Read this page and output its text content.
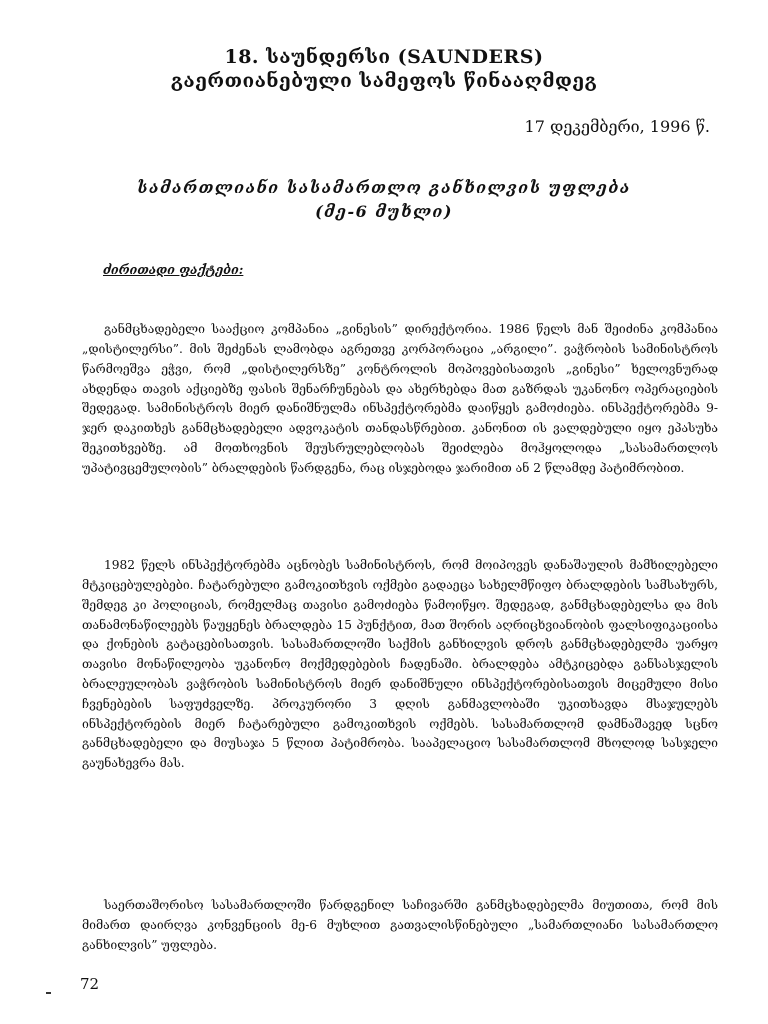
18. საუნდერსი (SAUNDERS)
გაერთიანებული სამეფოს წინააღმდეგ
17 დეკემბერი, 1996 წ.
სამართლიანი სასამართლო განხილვის უფლება
(მე-6 მუხლი)
ძირითადი ფაქტები:

განმცხადებელი სააქციო კომპანია „გინესის” დირექტორია. 1986 წელს მან შეიძინა კომპანია „დისტილერსი”. მის შეძენას ლამობდა აგრეთვე კორპორაცია „არგილი”. ვაჭრობის სამინისტროს წარმოეშვა ეჭვი, რომ „დისტილერსზე” კონტროლის მოპოვებისათვის „გინესი” ხელოვნურად ახდენდა თავის აქციებზე ფასის შენარჩუნებას და ახერხებდა მათ გაზრდას უკანონო ოპერაციების შედეგად. სამინისტროს მიერ დანიშნულმა ინსპექტორებმა დაიწყეს გამოძიება. ინსპექტორებმა 9-ჯერ დაკითხეს განმცხადებელი ადვოკატის თანდასწრებით. კანონით ის ვალდებული იყო ეპასუხა შეკითხვებზე. ამ მოთხოვნის შეუსრულებლობას შეიძლება მოჰყოლოდა „სასამართლოს უპატივცემულობის” ბრალდების წარდგენა, რაც ისჯებოდა ჯარიმით ან 2 წლამდე პატიმრობით.

1982 წელს ინსპექტორებმა აცნობეს სამინისტროს, რომ მოიპოვეს დანაშაულის მამხილებელი მტკიცებულებები. ჩატარებული გამოკითხვის ოქმები გადაეცა სახელმწიფო ბრალდების სამსახურს, შემდეგ კი პოლიციას, რომელმაც თავისი გამოძიება წამოიწყო. შედეგად, განმცხადებელსა და მის თანამონაწილეებს წაუყენეს ბრალდება 15 პუნქტით, მათ შორის აღრიცხვიანობის ფალსიფიკაციისა და ქონების გატაცებისათვის. სასამართლოში საქმის განხილვის დროს განმცხადებელმა უარყო თავისი მონაწილეობა უკანონო მოქმედებების ჩადენაში. ბრალდება ამტკიცებდა განსასჯელის ბრალეულობას ვაჭრობის სამინისტროს მიერ დანიშნული ინსპექტორებისათვის მიცემული მისი ჩვენებების საფუძველზე. პროკურორი 3 დღის განმავლობაში უკითხავდა მსაჯულებს ინსპექტორების მიერ ჩატარებული გამოკითხვის ოქმებს. სასამართლომ დამნაშავედ სცნო განმცხადებელი და მიუსაჯა 5 წლით პატიმრობა. სააპელაციო სასამართლომ მხოლოდ სასჯელი გაუნახევრა მას.

საერთაშორისო სასამართლოში წარდგენილ საჩივარში განმცხადებელმა მიუთითა, რომ მის მიმართ დაირღვა კონვენციის მე-6 მუხლით გათვალისწინებული „სამართლიანი სასამართლო განხილვის” უფლება.

72
